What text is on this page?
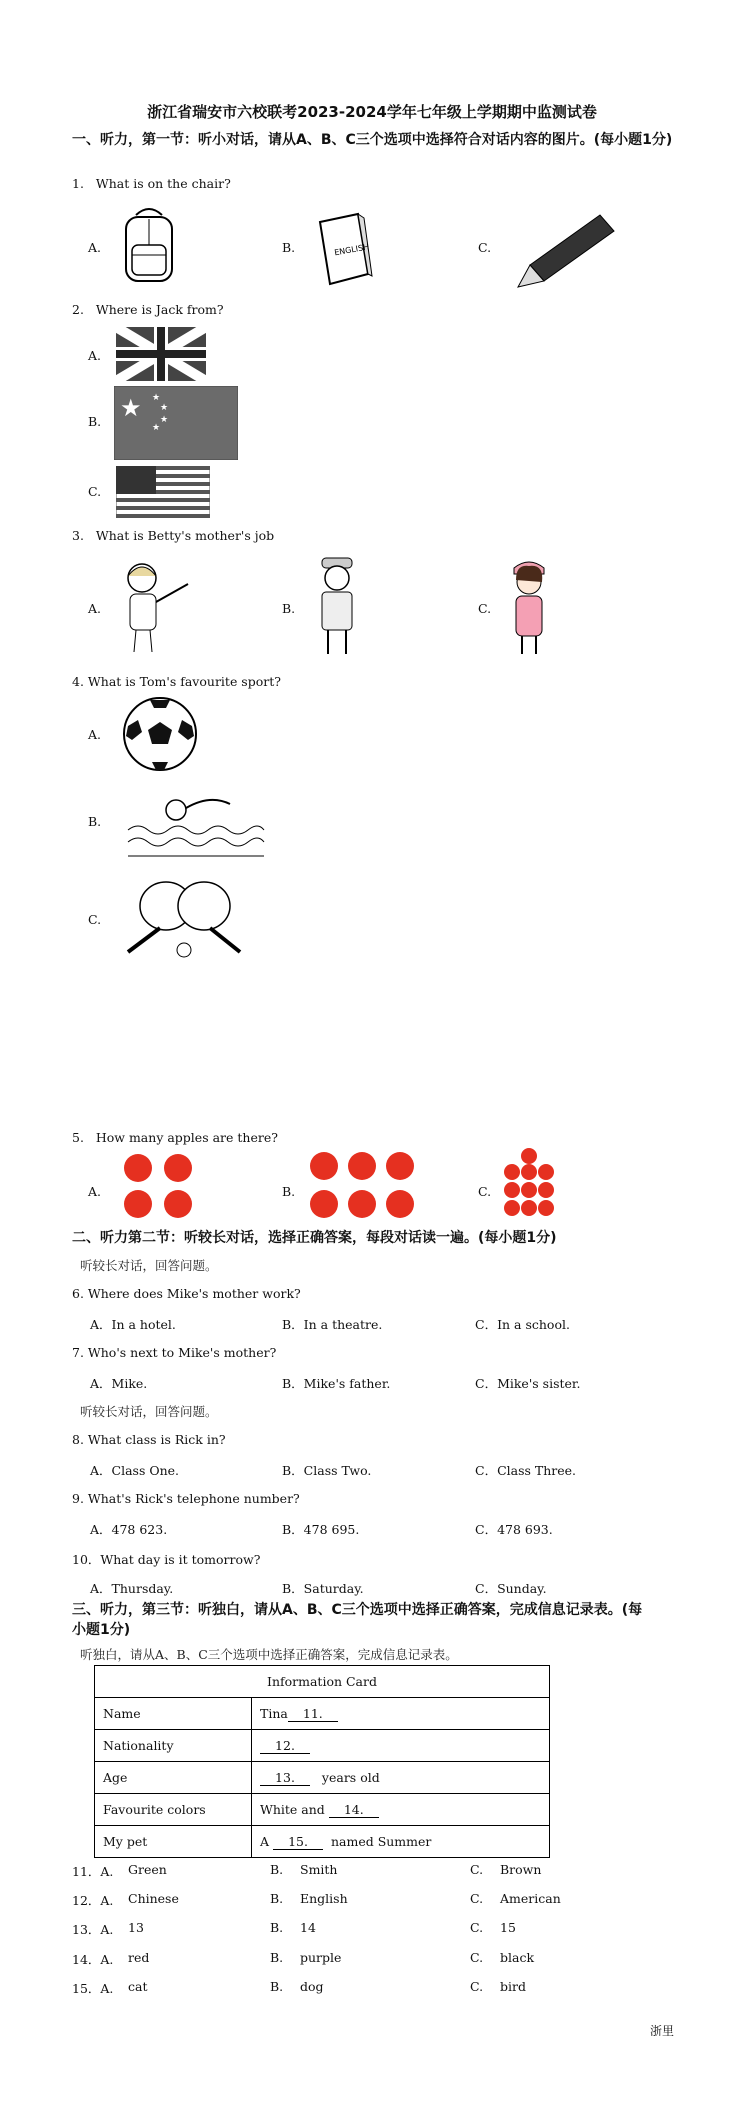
浙江省瑞安市六校联考2023-2024学年七年级上学期期中监测试卷
一、听力，第一节：听小对话，请从A、B、C三个选项中选择符合对话内容的图片。(每小题1分)
1. What is on the chair?
A.	B.	ENGLISH	C.
2. Where is Jack from?
A.
B. ★ ★
★
★
★
C.
3. What is Betty's mother's job
A.	B.	C.
4. What is Tom's favourite sport?
A.
B.
C.
5. How many apples are there?
A.	B.	C.
二、听力第二节：听较长对话，选择正确答案，每段对话读一遍。(每小题1分)
听较长对话，回答问题。
6. Where does Mike's mother work?
A．In a hotel.	B．In a theatre.	C．In a school.
7. Who's next to Mike's mother?
A．Mike.	B．Mike's father.	C．Mike's sister.
听较长对话，回答问题。
8. What class is Rick in?
A．Class One.	B．Class Two.	C．Class Three.
9. What's Rick's telephone number?
A．478 623.	B．478 695.	C．478 693.
10．What day is it tomorrow?
A．Thursday.	B．Saturday.	C．Sunday.
三、听力，第三节：听独白，请从A、B、C三个选项中选择正确答案，完成信息记录表。(每
小题1分)
听独白，请从A、B、C三个选项中选择正确答案，完成信息记录表。
Information Card	
Name	Tina 11.
Nationality	12.
Age	13. years old
Favourite colors	White and 14.
My pet	A 15. named Summer
11．A. Green	B. Smith	C. Brown
12．A. Chinese	B. English	C. American
13．A. 13	B. 14	C. 15
14．A. red	B. purple	C. black
15．A. cat	B. dog	C. bird
浙里
